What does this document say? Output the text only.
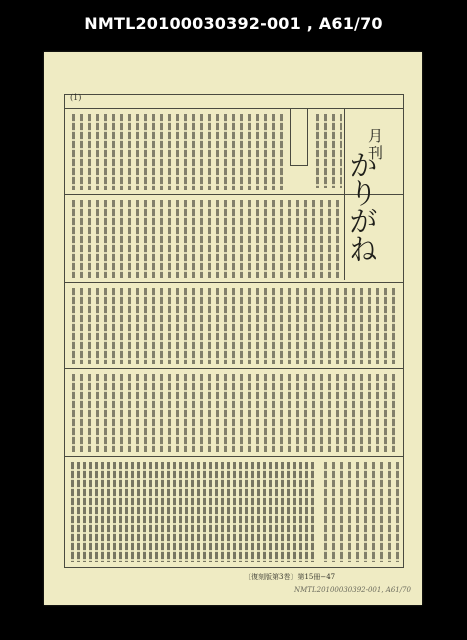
NMTL20100030392-001 , A61/70
(1)
月刊
かりがね
〔復刻版第3巻〕第15冊−47
NMTL20100030392-001, A61/70
